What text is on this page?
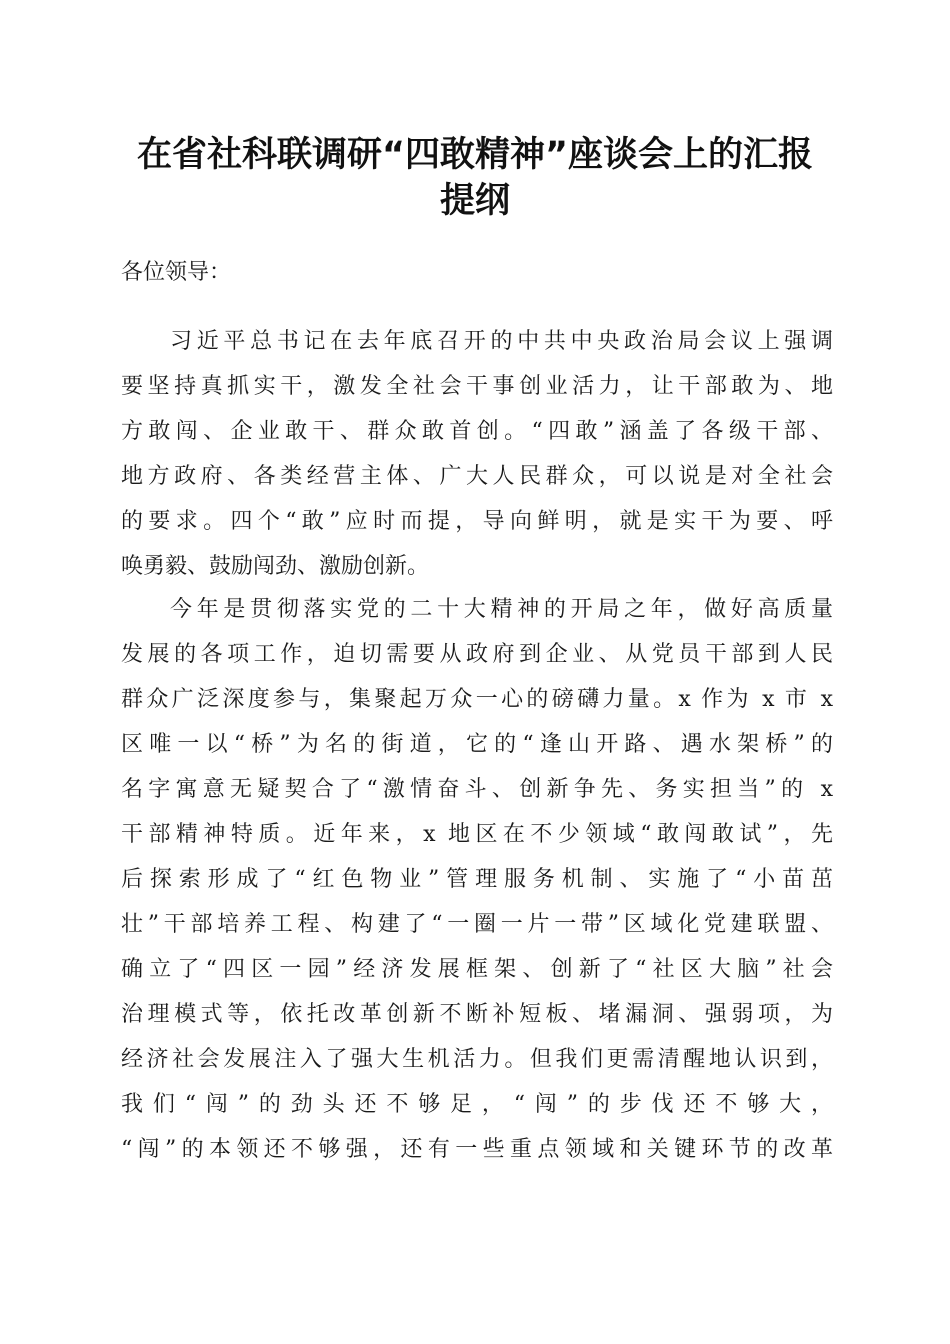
在省社科联调研“四敢精神”座谈会上的汇报
提纲
各位领导：
习近平总书记在去年底召开的中共中央政治局会议上强调
要坚持真抓实干，激发全社会干事创业活力，让干部敢为、地
方敢闯、企业敢干、群众敢首创。“四敢”涵盖了各级干部、
地方政府、各类经营主体、广大人民群众，可以说是对全社会
的要求。四个“敢”应时而提，导向鲜明，就是实干为要、呼
唤勇毅、鼓励闯劲、激励创新。
今年是贯彻落实党的二十大精神的开局之年，做好高质量
发展的各项工作，迫切需要从政府到企业、从党员干部到人民
群众广泛深度参与，集聚起万众一心的磅礴力量。x 作为 x 市 x
区唯一以“桥”为名的街道，它的“逢山开路、遇水架桥”的
名字寓意无疑契合了“激情奋斗、创新争先、务实担当”的 x
干部精神特质。近年来，x 地区在不少领域“敢闯敢试”，先
后探索形成了“红色物业”管理服务机制、实施了“小苗茁
壮”干部培养工程、构建了“一圈一片一带”区域化党建联盟、
确立了“四区一园”经济发展框架、创新了“社区大脑”社会
治理模式等，依托改革创新不断补短板、堵漏洞、强弱项，为
经济社会发展注入了强大生机活力。但我们更需清醒地认识到，
我们“闯”的劲头还不够足，“闯”的步伐还不够大，
“闯”的本领还不够强，还有一些重点领域和关键环节的改革
